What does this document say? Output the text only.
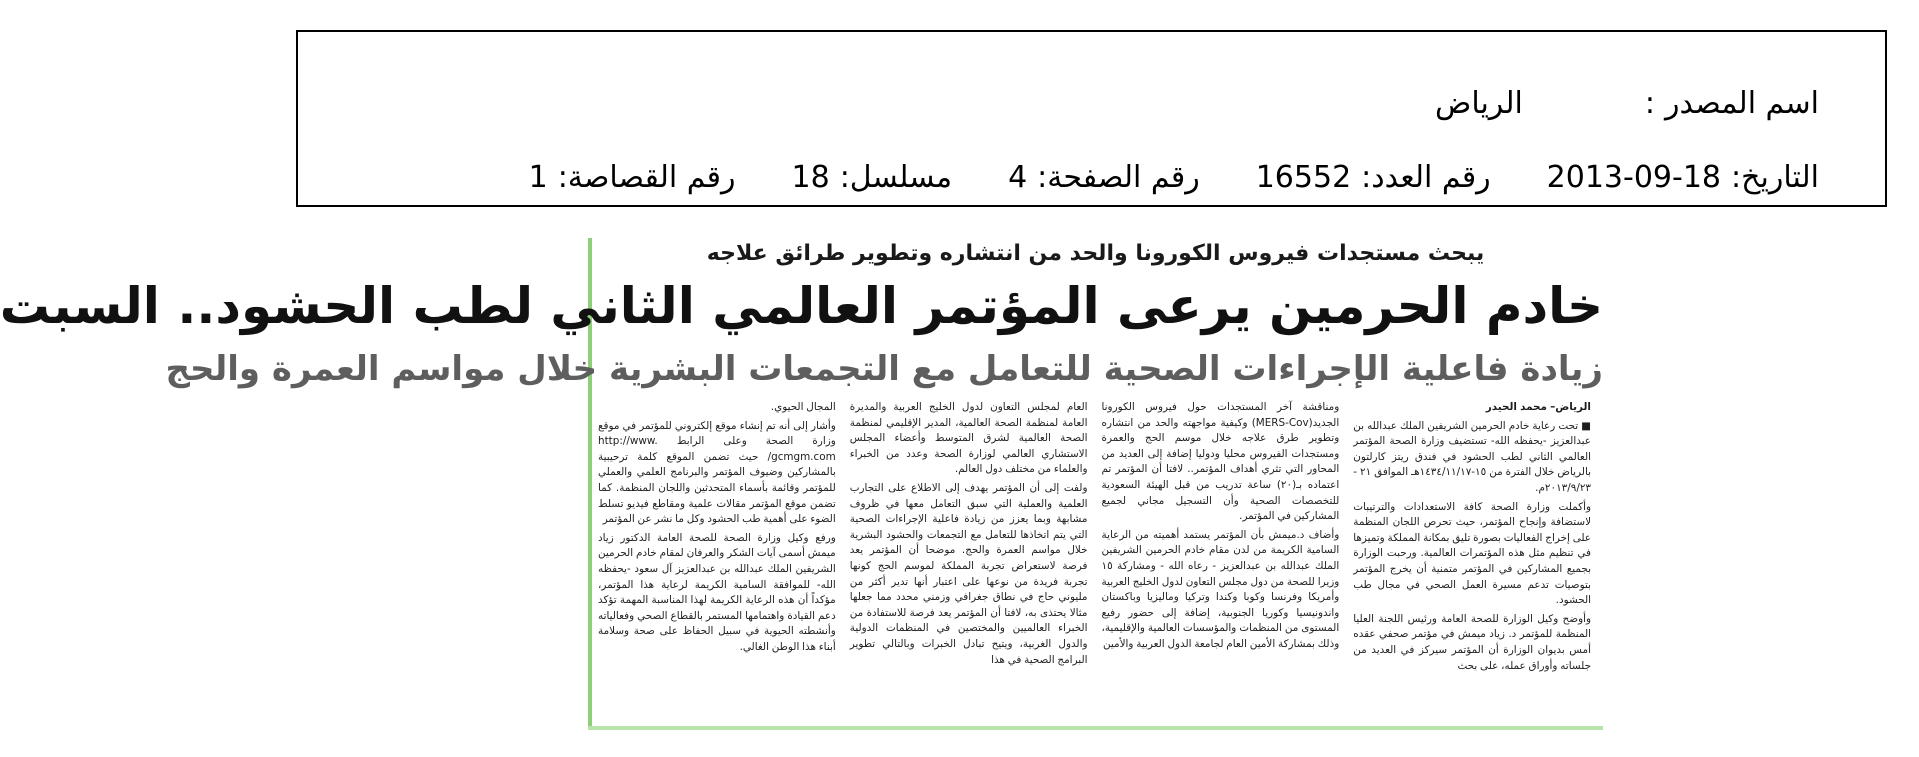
اسم المصدر
:
الرياض
التاريخ:
2013-09-18
رقم العدد:
16552
رقم الصفحة:
4
مسلسل:
18
رقم القصاصة:
1
يبحث مستجدات فيروس الكورونا والحد من انتشاره وتطوير طرائق علاجه
خادم الحرمين يرعى المؤتمر العالمي الثاني لطب الحشود.. السبت
زيادة فاعلية الإجراءات الصحية للتعامل مع التجمعات البشرية خلال مواسم العمرة والحج

الرياض– محمد الحيدر

■ تحت رعاية خادم الحرمين الشريفين الملك عبدالله بن عبدالعزيز -يحفظه الله- تستضيف وزارة الصحة المؤتمر العالمي الثاني لطب الحشود في فندق ريتز كارلتون بالرياض خلال الفترة من ١٥-١٤٣٤/١١/١٧هـ الموافق ٢١ - ٢٠١٣/٩/٢٣م.

وأكملت وزارة الصحة كافة الاستعدادات والترتيبات لاستضافة وإنجاح المؤتمر، حيث تحرص اللجان المنظمة على إخراج الفعاليات بصورة تليق بمكانة المملكة وتميزها في تنظيم مثل هذه المؤتمرات العالمية. ورحبت الوزارة بجميع المشاركين في المؤتمر متمنية أن يخرج المؤتمر بتوصيات تدعم مسيرة العمل الصحي في مجال طب الحشود.

وأوضح وكيل الوزارة للصحة العامة ورئيس اللجنة العليا المنظمة للمؤتمر د. زياد ميمش في مؤتمر صحفي عقده أمس بديوان الوزارة أن المؤتمر سيركز في العديد من جلساته وأوراق عمله، على بحث

ومناقشة آخر المستجدات حول فيروس الكورونا الجديد(MERS-Cov) وكيفية مواجهته والحد من انتشاره وتطوير طرق علاجه خلال موسم الحج والعمرة ومستجدات الفيروس محليا ودوليا إضافة إلى العديد من المحاور التي تثري أهداف المؤتمر.. لافتا أن المؤتمر تم اعتماده بـ(٢٠) ساعة تدريب من قبل الهيئة السعودية للتخصصات الصحية وأن التسجيل مجاني لجميع المشاركين في المؤتمر.

وأضاف د.ميمش بأن المؤتمر يستمد أهميته من الرعاية السامية الكريمة من لدن مقام خادم الحرمين الشريفين الملك عبدالله بن عبدالعزيز - رعاه الله - ومشاركة ١٥ وزيرا للصحة من دول مجلس التعاون لدول الخليج العربية وأمريكا وفرنسا وكوبا وكندا وتركيا وماليزيا وباكستان واندونيسيا وكوريا الجنوبية، إضافة إلى حضور رفيع المستوى من المنظمات والمؤسسات العالمية والإقليمية، وذلك بمشاركة الأمين العام لجامعة الدول العربية والأمين

العام لمجلس التعاون لدول الخليج العربية والمديرة العامة لمنظمة الصحة العالمية، المدير الإقليمي لمنظمة الصحة العالمية لشرق المتوسط وأعضاء المجلس الاستشاري العالمي لوزارة الصحة وعدد من الخبراء والعلماء من مختلف دول العالم.

ولفت إلى أن المؤتمر يهدف إلى الاطلاع على التجارب العلمية والعملية التي سبق التعامل معها في ظروف مشابهة وبما يعزز من زيادة فاعلية الإجراءات الصحية التي يتم اتخاذها للتعامل مع التجمعات والحشود البشرية خلال مواسم العمرة والحج. موضحا أن المؤتمر يعد فرصة لاستعراض تجربة المملكة لموسم الحج كونها تجربة فريدة من نوعها على اعتبار أنها تدير أكثر من مليوني حاج في نطاق جغرافي وزمني محدد مما جعلها مثالا يحتذى به، لافتا أن المؤتمر يعد فرصة للاستفادة من الخبراء العالميين والمختصين في المنظمات الدولية والدول الغربية، ويتيح تبادل الخبرات وبالتالي تطوير البرامج الصحية في هذا

المجال الحيوي.

وأشار إلى أنه تم إنشاء موقع إلكتروني للمؤتمر في موقع وزارة الصحة وعلى الرابط http://www. gcmgm.com/ حيث تضمن الموقع كلمة ترحيبية بالمشاركين وضيوف المؤتمر والبرنامج العلمي والعملي للمؤتمر وقائمة بأسماء المتحدثين واللجان المنظمة. كما تضمن موقع المؤتمر مقالات علمية ومقاطع فيديو تسلط الضوء على أهمية طب الحشود وكل ما نشر عن المؤتمر

ورفع وكيل وزارة الصحة للصحة العامة الدكتور زياد ميمش أسمى آيات الشكر والعرفان لمقام خادم الحرمين الشريفين الملك عبدالله بن عبدالعزيز آل سعود -يحفظه الله- للموافقة السامية الكريمة لرعاية هذا المؤتمر، مؤكداً أن هذه الرعاية الكريمة لهذا المناسبة المهمة تؤكد دعم القيادة واهتمامها المستمر بالقطاع الصحي وفعالياته وأنشطته الحيوية في سبيل الحفاظ على صحة وسلامة أبناء هذا الوطن الغالي.
